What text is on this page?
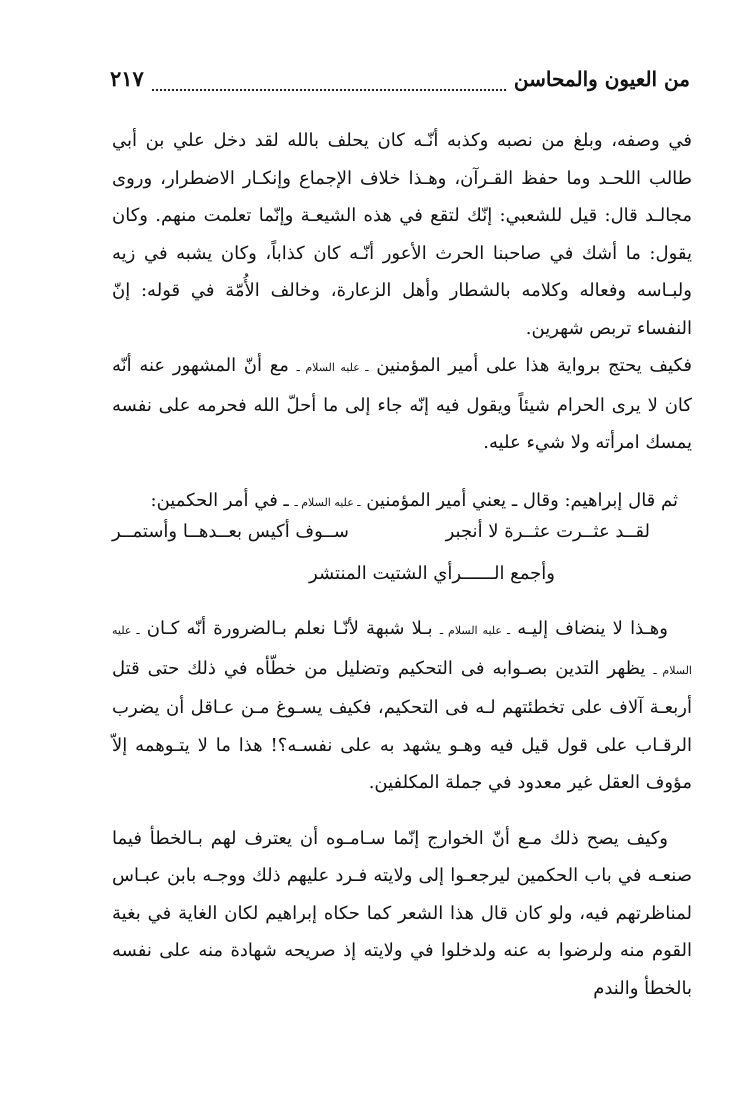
من العيون والمحاسن
٢١٧

في وصفه، وبلغ من نصبه وكذبه أنّـه كان يحلف بالله لقد دخل علي بن أبي طالب اللحـد وما حفظ القـرآن، وهـذا خلاف الإجماع وإنكـار الاضطرار، وروى مجالـد قال: قيل للشعبي: إنّك لتقع في هذه الشيعـة وإنّما تعلمت منهم. وكان يقول: ما أشك في صاحبنا الحرث الأعور أنّـه كان كذاباً، وكان يشبه في زيه ولبـاسه وفعاله وكلامه بالشطار وأهل الزعارة، وخالف الأُمّة في قوله: إنّ النفساء تربص شهرين.

فكيف يحتج برواية هذا على أمير المؤمنين ـ عليه السلام ـ مع أنّ المشهور عنه أنّه كان لا يرى الحرام شيئاً ويقول فيه إنّه جاء إلى ما أحلّ الله فحرمه على نفسه يمسك امرأته ولا شيء عليه.

ثم قال إبراهيم: وقال ـ يعني أمير المؤمنين ـ عليه السلام ـ ـ في أمر الحكمين:

لقــد عثــرت عثــرة لا أنجبر
ســوف أكيس بعــدهــا وأستمــر
وأجمع الــــــرأي الشتيت المنتشر

وهـذا لا ينضاف إليـه ـ عليه السلام ـ بـلا شبهة لأنّـا نعلم بـالضرورة أنّه كـان ـ عليه السلام ـ يظهر التدين بصـوابه فى التحكيم وتضليل من خطّأه في ذلك حتى قتل أربعـة آلاف على تخطئتهم لـه فى التحكيم، فكيف يسـوغ مـن عـاقل أن يضرب الرقـاب على قول قيل فيه وهـو يشهد به على نفسـه؟! هذا ما لا يتـوهمه إلاّ مؤوف العقل غير معدود في جملة المكلفين.

وكيف يصح ذلك مـع أنّ الخوارج إنّما سـامـوه أن يعترف لهم بـالخطأ فيما صنعـه في باب الحكمين ليرجعـوا إلى ولايته فـرد عليهم ذلك ووجـه بابن عبـاس لمناظرتهم فيه، ولو كان قال هذا الشعر كما حكاه إبراهيم لكان الغاية في بغية القوم منه ولرضوا به عنه ولدخلوا في ولايته إذ صريحه شهادة منه على نفسه بالخطأ والندم
